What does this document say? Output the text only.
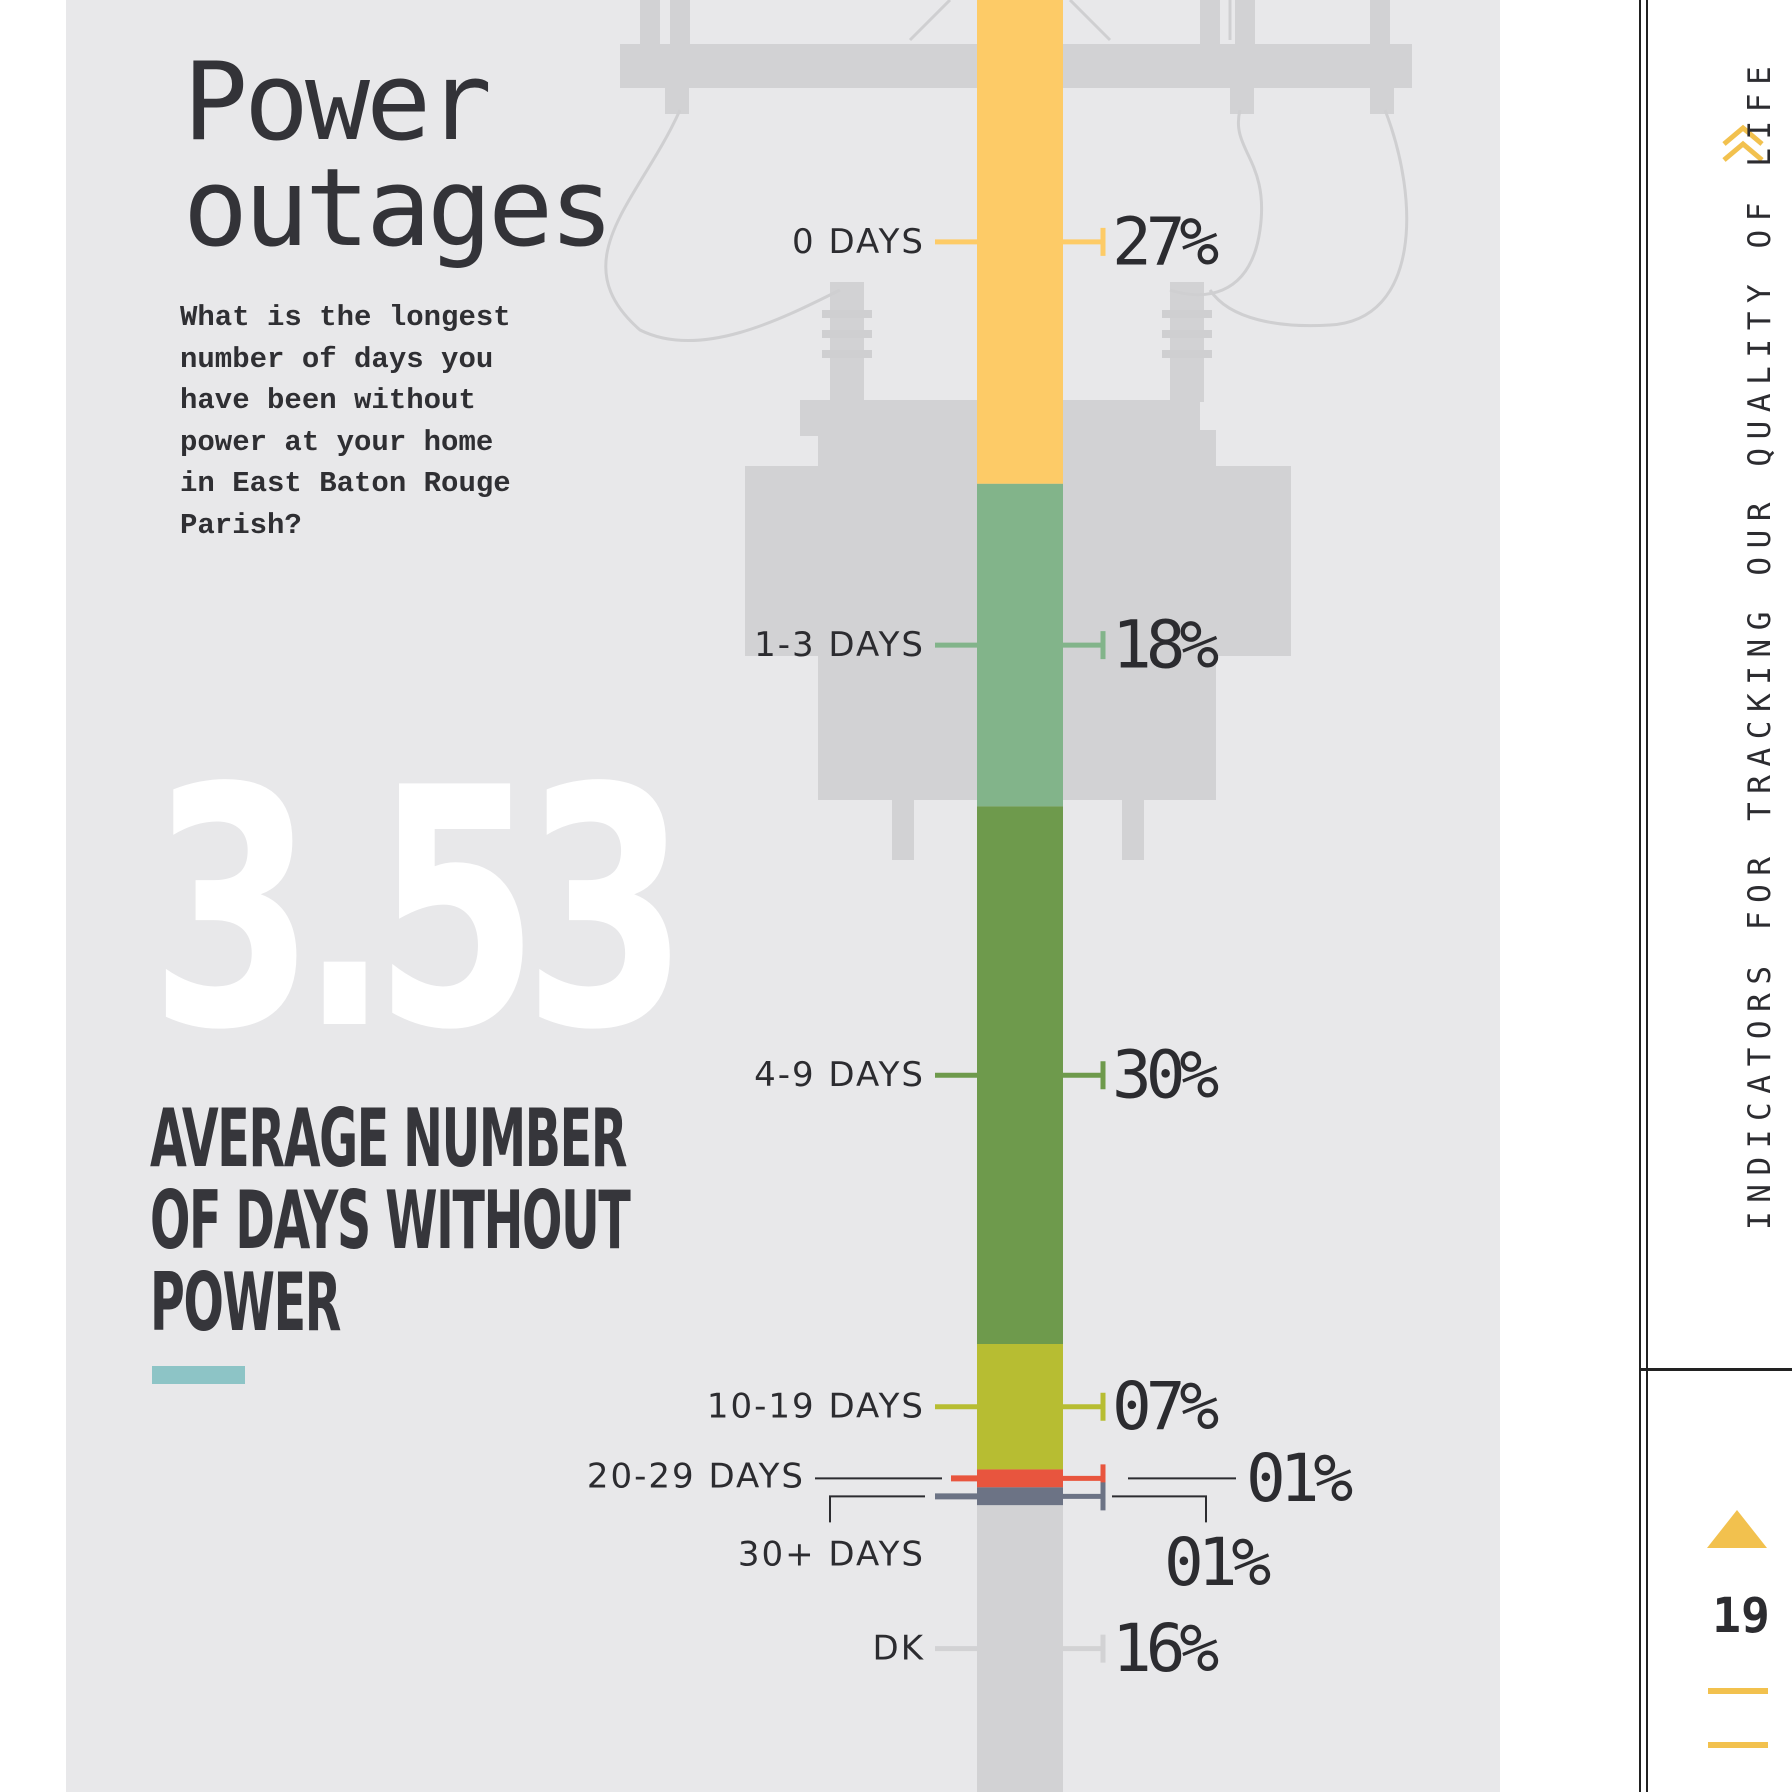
Power outages

What is the longest number of days you have been without power at your home in East Baton Rouge Parish?

3.53

AVERAGE NUMBER
OF DAYS WITHOUT
POWER
0 DAYS	27%
1-3 DAYS	18%
4-9 DAYS	30%
10-19 DAYS	07%
20-29 DAYS	01%
30+ DAYS	01%
DK	16%

INDICATORS FOR TRACKING OUR QUALITY OF LIFE

19
